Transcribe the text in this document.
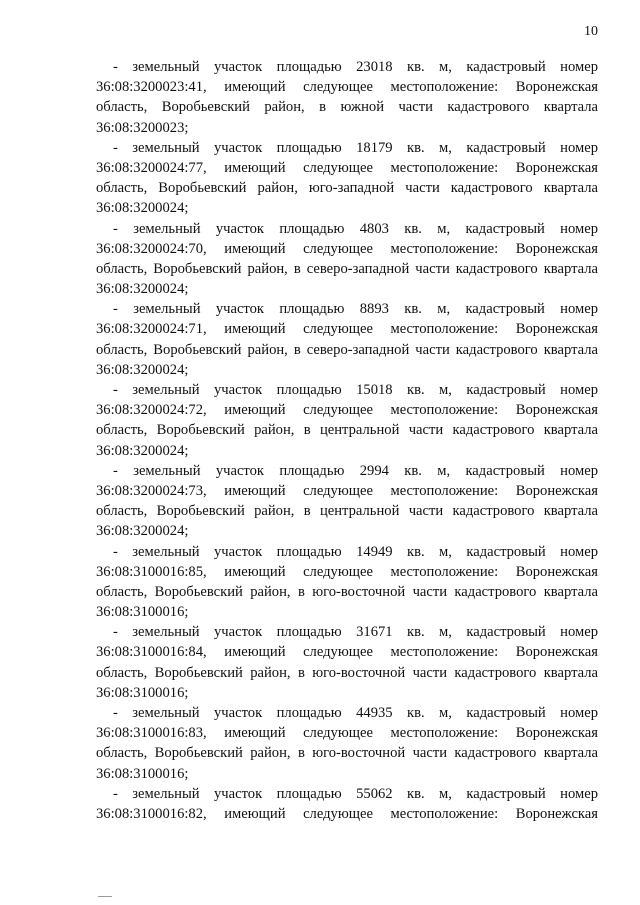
10
- земельный участок площадью 23018 кв. м, кадастровый номер
36:08:3200023:41, имеющий следующее местоположение: Воронежская
область, Воробьевский район, в южной части кадастрового квартала
36:08:3200023;
- земельный участок площадью 18179 кв. м, кадастровый номер
36:08:3200024:77, имеющий следующее местоположение: Воронежская
область, Воробьевский район, юго-западной части кадастрового квартала
36:08:3200024;
- земельный участок площадью 4803 кв. м, кадастровый номер
36:08:3200024:70, имеющий следующее местоположение: Воронежская
область, Воробьевский район, в северо-западной части кадастрового квартала
36:08:3200024;
- земельный участок площадью 8893 кв. м, кадастровый номер
36:08:3200024:71, имеющий следующее местоположение: Воронежская
область, Воробьевский район, в северо-западной части кадастрового квартала
36:08:3200024;
- земельный участок площадью 15018 кв. м, кадастровый номер
36:08:3200024:72, имеющий следующее местоположение: Воронежская
область, Воробьевский район, в центральной части кадастрового квартала
36:08:3200024;
- земельный участок площадью 2994 кв. м, кадастровый номер
36:08:3200024:73, имеющий следующее местоположение: Воронежская
область, Воробьевский район, в центральной части кадастрового квартала
36:08:3200024;
- земельный участок площадью 14949 кв. м, кадастровый номер
36:08:3100016:85, имеющий следующее местоположение: Воронежская
область, Воробьевский район, в юго-восточной части кадастрового квартала
36:08:3100016;
- земельный участок площадью 31671 кв. м, кадастровый номер
36:08:3100016:84, имеющий следующее местоположение: Воронежская
область, Воробьевский район, в юго-восточной части кадастрового квартала
36:08:3100016;
- земельный участок площадью 44935 кв. м, кадастровый номер
36:08:3100016:83, имеющий следующее местоположение: Воронежская
область, Воробьевский район, в юго-восточной части кадастрового квартала
36:08:3100016;
- земельный участок площадью 55062 кв. м, кадастровый номер
36:08:3100016:82, имеющий следующее местоположение: Воронежская
